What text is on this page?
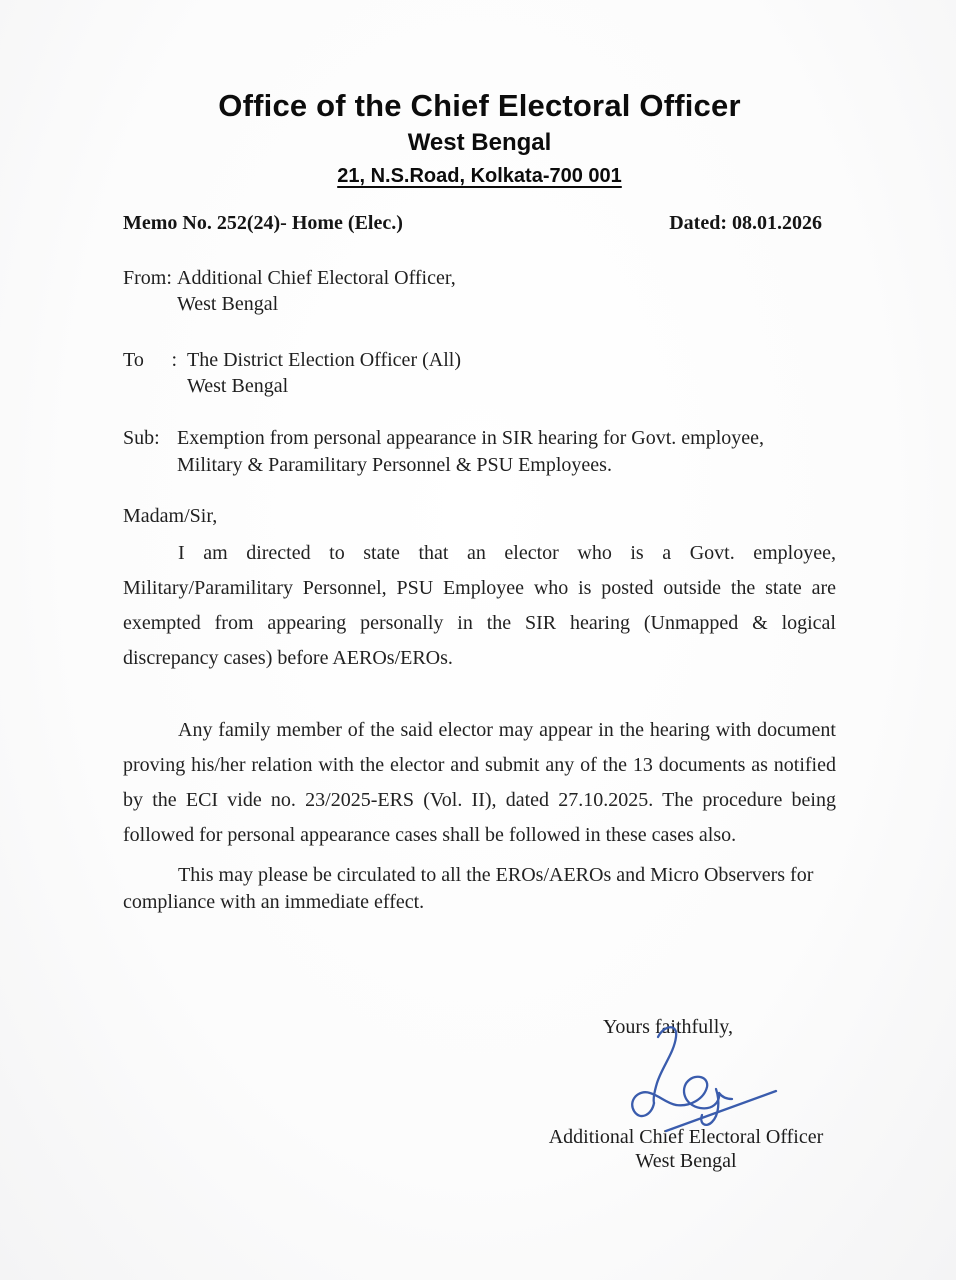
Office of the Chief Electoral Officer
West Bengal
21, N.S.Road, Kolkata-700 001
Memo No. 252(24)- Home (Elec.)	Dated: 08.01.2026
From: Additional Chief Electoral Officer,
West Bengal
To : The District Election Officer (All)
West Bengal
Sub: Exemption from personal appearance in SIR hearing for Govt. employee,
Military & Paramilitary Personnel & PSU Employees.
Madam/Sir,

I am directed to state that an elector who is a Govt. employee, Military/Paramilitary Personnel, PSU Employee who is posted outside the state are exempted from appearing personally in the SIR hearing (Unmapped & logical discrepancy cases) before AEROs/EROs.

Any family member of the said elector may appear in the hearing with document proving his/her relation with the elector and submit any of the 13 documents as notified by the ECI vide no. 23/2025-ERS (Vol. II), dated 27.10.2025. The procedure being followed for personal appearance cases shall be followed in these cases also.

This may please be circulated to all the EROs/AEROs and Micro Observers for compliance with an immediate effect.

Yours faithfully,
Additional Chief Electoral Officer
West Bengal
